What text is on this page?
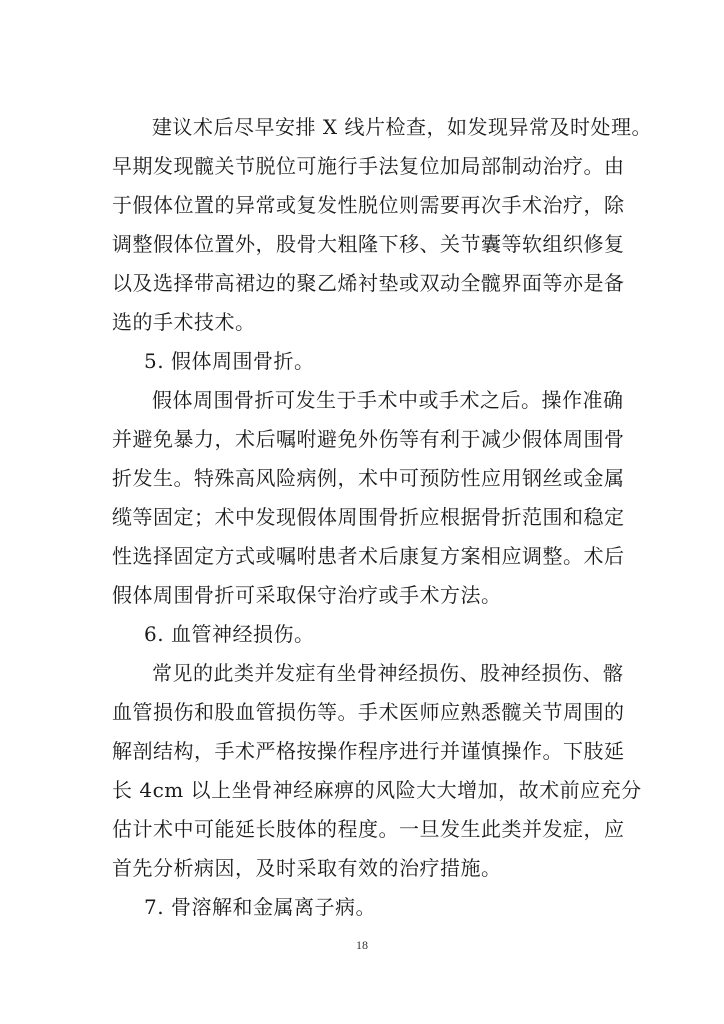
建议术后尽早安排 X 线片检查，如发现异常及时处理。
早期发现髋关节脱位可施行手法复位加局部制动治疗。由
于假体位置的异常或复发性脱位则需要再次手术治疗，除
调整假体位置外，股骨大粗隆下移、关节囊等软组织修复
以及选择带高裙边的聚乙烯衬垫或双动全髋界面等亦是备
选的手术技术。
5. 假体周围骨折。
假体周围骨折可发生于手术中或手术之后。操作准确
并避免暴力，术后嘱咐避免外伤等有利于减少假体周围骨
折发生。特殊高风险病例，术中可预防性应用钢丝或金属
缆等固定；术中发现假体周围骨折应根据骨折范围和稳定
性选择固定方式或嘱咐患者术后康复方案相应调整。术后
假体周围骨折可采取保守治疗或手术方法。
6. 血管神经损伤。
常见的此类并发症有坐骨神经损伤、股神经损伤、髂
血管损伤和股血管损伤等。手术医师应熟悉髋关节周围的
解剖结构，手术严格按操作程序进行并谨慎操作。下肢延
长 4cm 以上坐骨神经麻痹的风险大大增加，故术前应充分
估计术中可能延长肢体的程度。一旦发生此类并发症，应
首先分析病因，及时采取有效的治疗措施。
7. 骨溶解和金属离子病。
18
